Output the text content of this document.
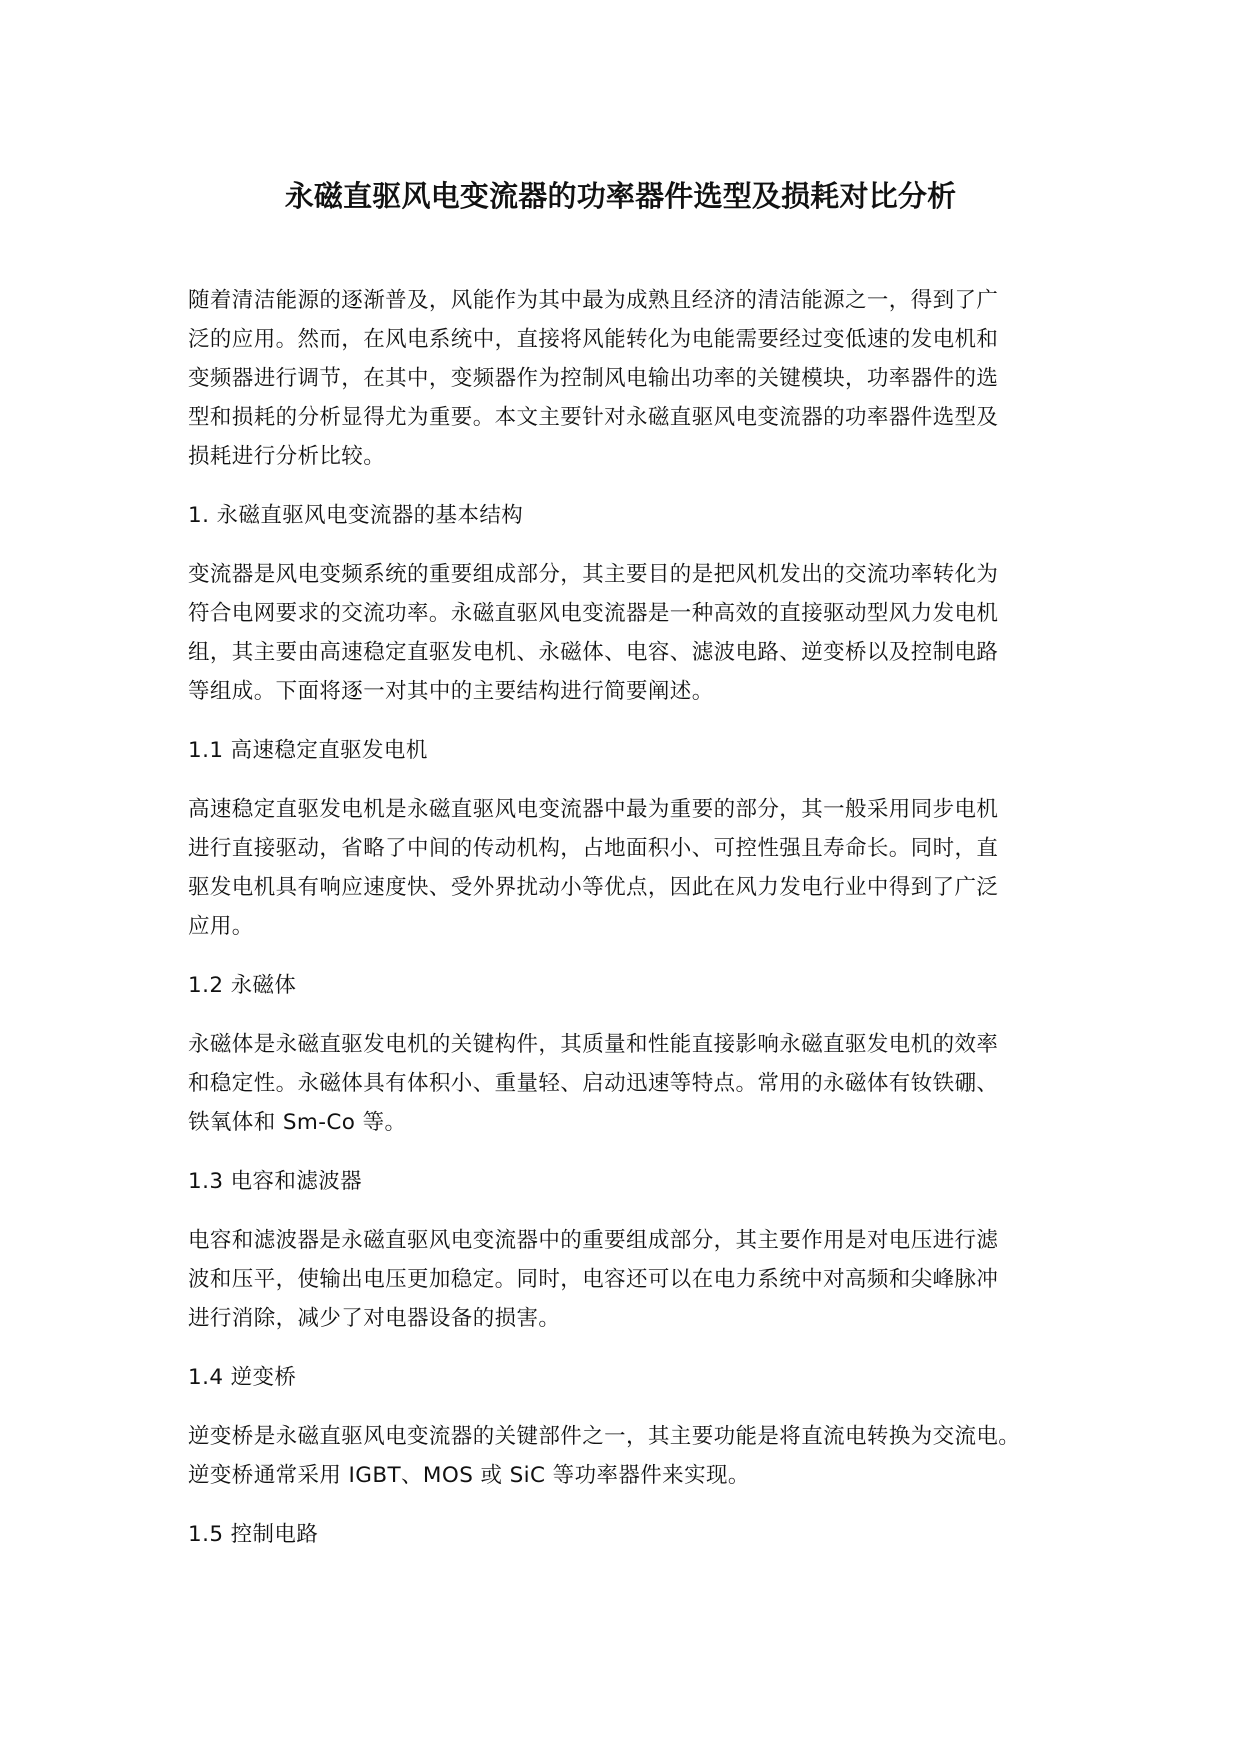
永磁直驱风电变流器的功率器件选型及损耗对比分析

随着清洁能源的逐渐普及，风能作为其中最为成熟且经济的清洁能源之一，得到了广
泛的应用。然而，在风电系统中，直接将风能转化为电能需要经过变低速的发电机和
变频器进行调节，在其中，变频器作为控制风电输出功率的关键模块，功率器件的选
型和损耗的分析显得尤为重要。本文主要针对永磁直驱风电变流器的功率器件选型及
损耗进行分析比较。

1. 永磁直驱风电变流器的基本结构

变流器是风电变频系统的重要组成部分，其主要目的是把风机发出的交流功率转化为
符合电网要求的交流功率。永磁直驱风电变流器是一种高效的直接驱动型风力发电机
组，其主要由高速稳定直驱发电机、永磁体、电容、滤波电路、逆变桥以及控制电路
等组成。下面将逐一对其中的主要结构进行简要阐述。

1.1 高速稳定直驱发电机

高速稳定直驱发电机是永磁直驱风电变流器中最为重要的部分，其一般采用同步电机
进行直接驱动，省略了中间的传动机构，占地面积小、可控性强且寿命长。同时，直
驱发电机具有响应速度快、受外界扰动小等优点，因此在风力发电行业中得到了广泛
应用。

1.2 永磁体

永磁体是永磁直驱发电机的关键构件，其质量和性能直接影响永磁直驱发电机的效率
和稳定性。永磁体具有体积小、重量轻、启动迅速等特点。常用的永磁体有钕铁硼、
铁氧体和 Sm-Co 等。

1.3 电容和滤波器

电容和滤波器是永磁直驱风电变流器中的重要组成部分，其主要作用是对电压进行滤
波和压平，使输出电压更加稳定。同时，电容还可以在电力系统中对高频和尖峰脉冲
进行消除，减少了对电器设备的损害。

1.4 逆变桥

逆变桥是永磁直驱风电变流器的关键部件之一，其主要功能是将直流电转换为交流电。
逆变桥通常采用 IGBT、MOS 或 SiC 等功率器件来实现。

1.5 控制电路
